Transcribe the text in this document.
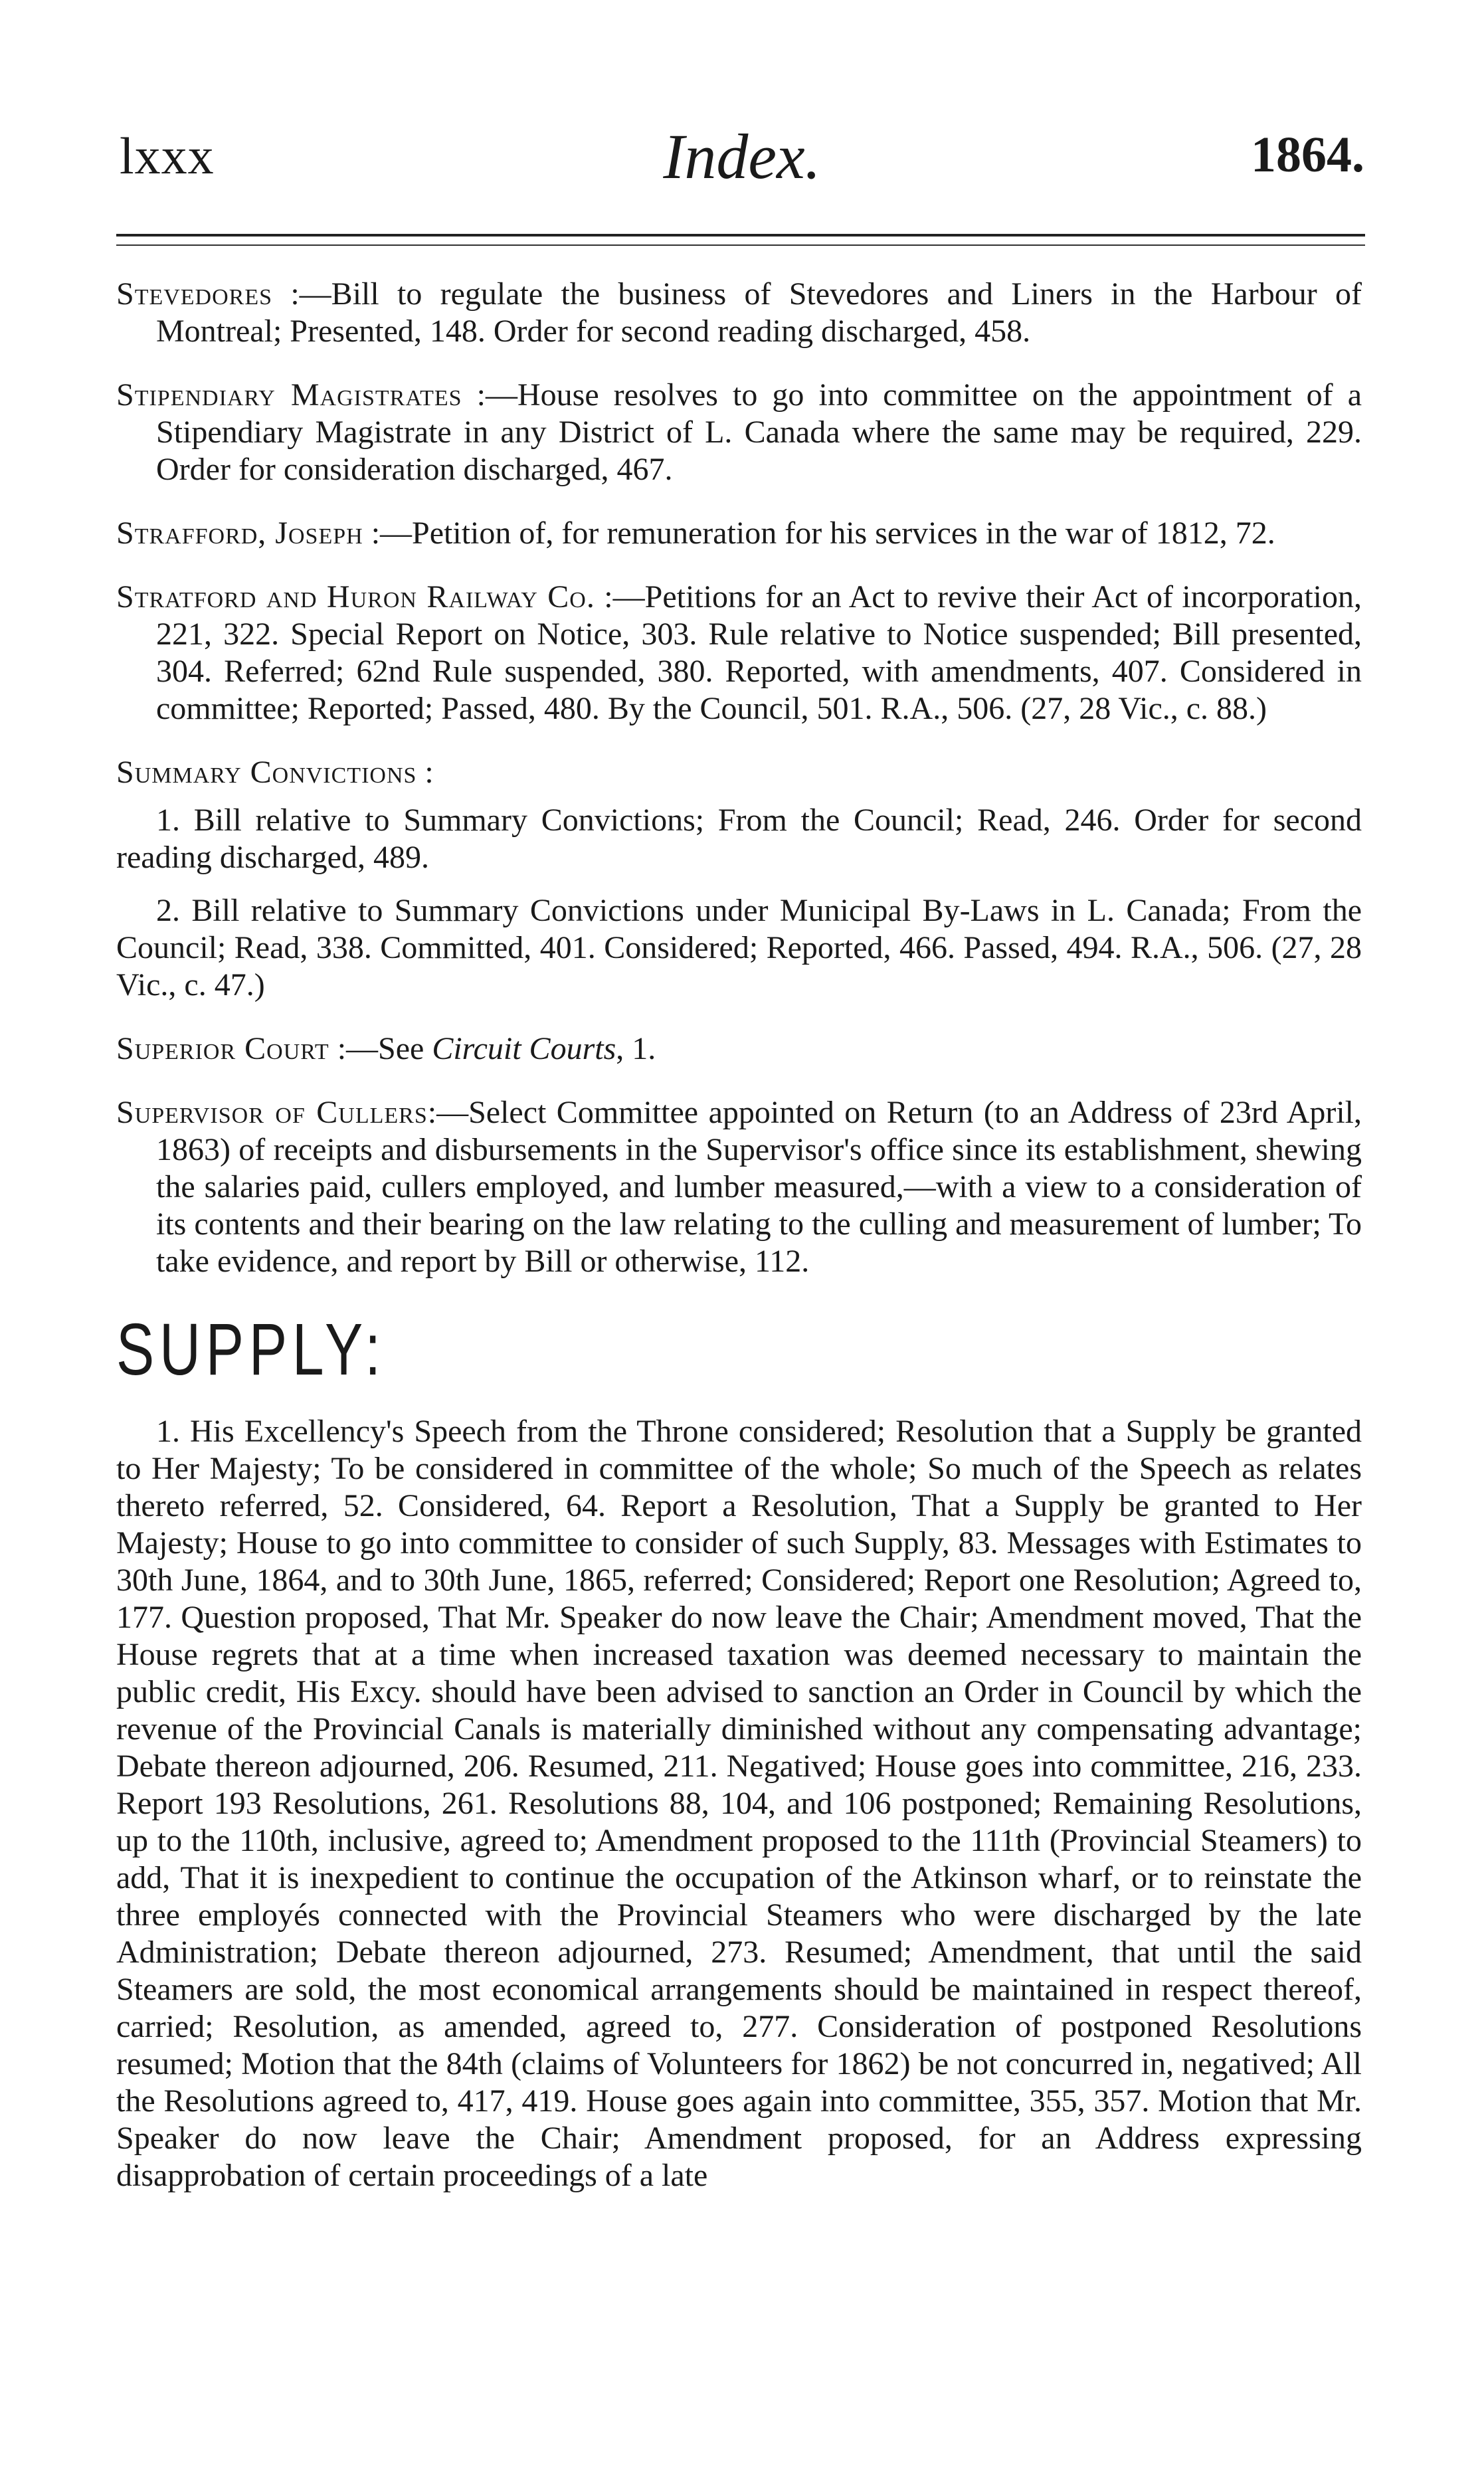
lxxx	Index.	1864.

Stevedores :—Bill to regulate the business of Stevedores and Liners in the Harbour of Montreal; Presented, 148. Order for second reading discharged, 458.

Stipendiary Magistrates :—House resolves to go into committee on the appointment of a Stipendiary Magistrate in any District of L. Canada where the same may be required, 229. Order for consideration discharged, 467.

Strafford, Joseph :—Petition of, for remuneration for his services in the war of 1812, 72.

Stratford and Huron Railway Co. :—Petitions for an Act to revive their Act of incorporation, 221, 322. Special Report on Notice, 303. Rule relative to Notice suspended; Bill presented, 304. Referred; 62nd Rule suspended, 380. Reported, with amendments, 407. Considered in committee; Reported; Passed, 480. By the Council, 501. R.A., 506. (27, 28 Vic., c. 88.)

Summary Convictions :

1. Bill relative to Summary Convictions; From the Council; Read, 246. Order for second reading discharged, 489.

2. Bill relative to Summary Convictions under Municipal By-Laws in L. Canada; From the Council; Read, 338. Committed, 401. Considered; Reported, 466. Passed, 494. R.A., 506. (27, 28 Vic., c. 47.)

Superior Court :—See Circuit Courts, 1.

Supervisor of Cullers:—Select Committee appointed on Return (to an Address of 23rd April, 1863) of receipts and disbursements in the Supervisor's office since its establishment, shewing the salaries paid, cullers employed, and lumber measured,—with a view to a consideration of its contents and their bearing on the law relating to the culling and measurement of lumber; To take evidence, and report by Bill or otherwise, 112.

SUPPLY:

1. His Excellency's Speech from the Throne considered; Resolution that a Supply be granted to Her Majesty; To be considered in committee of the whole; So much of the Speech as relates thereto referred, 52. Considered, 64. Report a Resolution, That a Supply be granted to Her Majesty; House to go into committee to consider of such Supply, 83. Messages with Estimates to 30th June, 1864, and to 30th June, 1865, referred; Considered; Report one Resolution; Agreed to, 177. Question proposed, That Mr. Speaker do now leave the Chair; Amendment moved, That the House regrets that at a time when increased taxation was deemed necessary to maintain the public credit, His Excy. should have been advised to sanction an Order in Council by which the revenue of the Provincial Canals is materially diminished without any compensating advantage; Debate thereon adjourned, 206. Resumed, 211. Negatived; House goes into committee, 216, 233. Report 193 Resolutions, 261. Resolutions 88, 104, and 106 postponed; Remaining Resolutions, up to the 110th, inclusive, agreed to; Amendment proposed to the 111th (Provincial Steamers) to add, That it is inexpedient to continue the occupation of the Atkinson wharf, or to reinstate the three employés connected with the Provincial Steamers who were discharged by the late Administration; Debate thereon adjourned, 273. Resumed; Amendment, that until the said Steamers are sold, the most economical arrangements should be maintained in respect thereof, carried; Resolution, as amended, agreed to, 277. Consideration of postponed Resolutions resumed; Motion that the 84th (claims of Volunteers for 1862) be not concurred in, negatived; All the Resolutions agreed to, 417, 419. House goes again into committee, 355, 357. Motion that Mr. Speaker do now leave the Chair; Amendment proposed, for an Address expressing disapprobation of certain proceedings of a late
